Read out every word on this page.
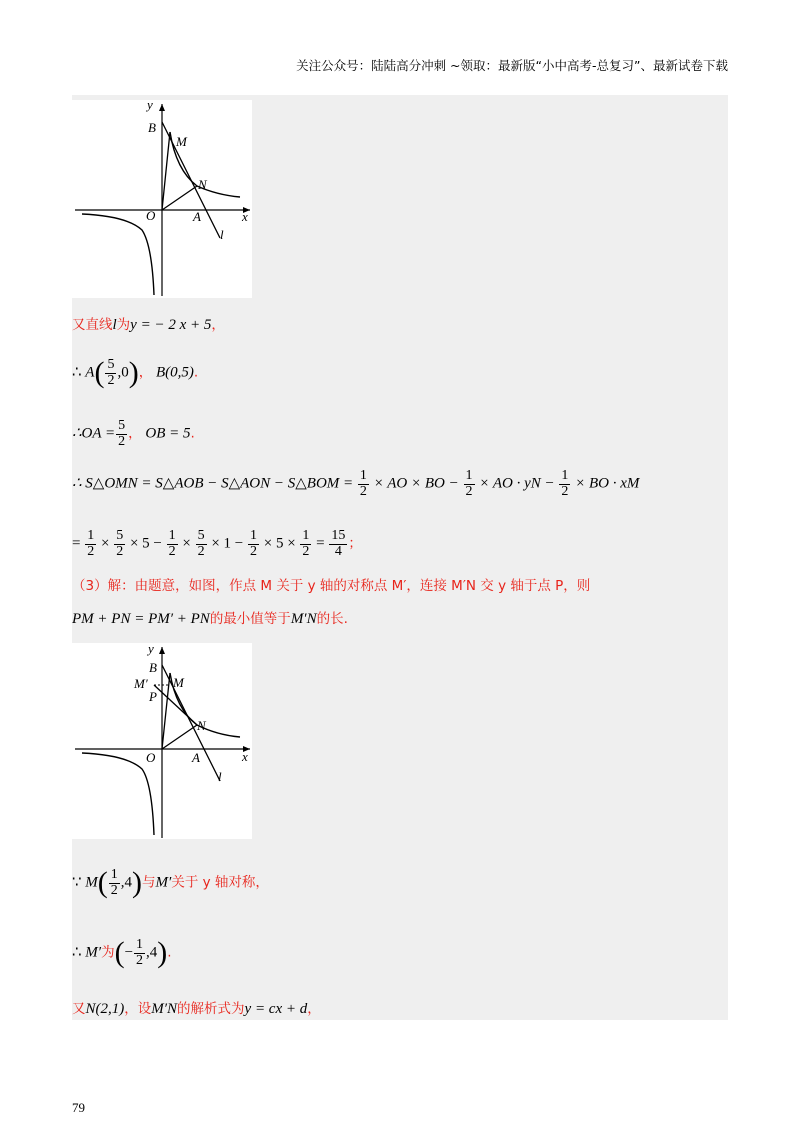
关注公众号：陆陆高分冲刺 ~领取：最新版“小中高考-总复习”、最新试卷下载
y
B
M
N
O	A	x
l
又直线l为y = − 2 x + 5，
∴ $A( \frac{5}{2} ,0)$， B(0,5).
∴OA = $\frac{5}{2}$ ， OB = 5.
∴ S△OMN = S△AOB − S△AON − S△BOM = $\frac{1}{2}$ × AO × BO − $\frac{1}{2}$ × AO · yN − $\frac{1}{2}$ × BO · xM
= $\frac{1}{2} \times \frac{5}{2} \times 5 - \frac{1}{2} \times \frac{5}{2} \times 1 - \frac{1}{2} \times 5 \times \frac{1}{2} = \frac{15}{4}$ ；
（3）解：由题意，如图，作点 M 关于 y 轴的对称点 M′，连接 M′N 交 y 轴于点 P，则
PM + PN = PM′ + PN的最小值等于M′N的长.
y
B
M′ M
P
N
O	A	x
l
∵ $M( \frac{1}{2} ,4)$与M′关于 y 轴对称，
∴ M′为(− $\frac{1}{2} ,4$).
又N(2,1)，设M′N的解析式为y = cx + d，
79
